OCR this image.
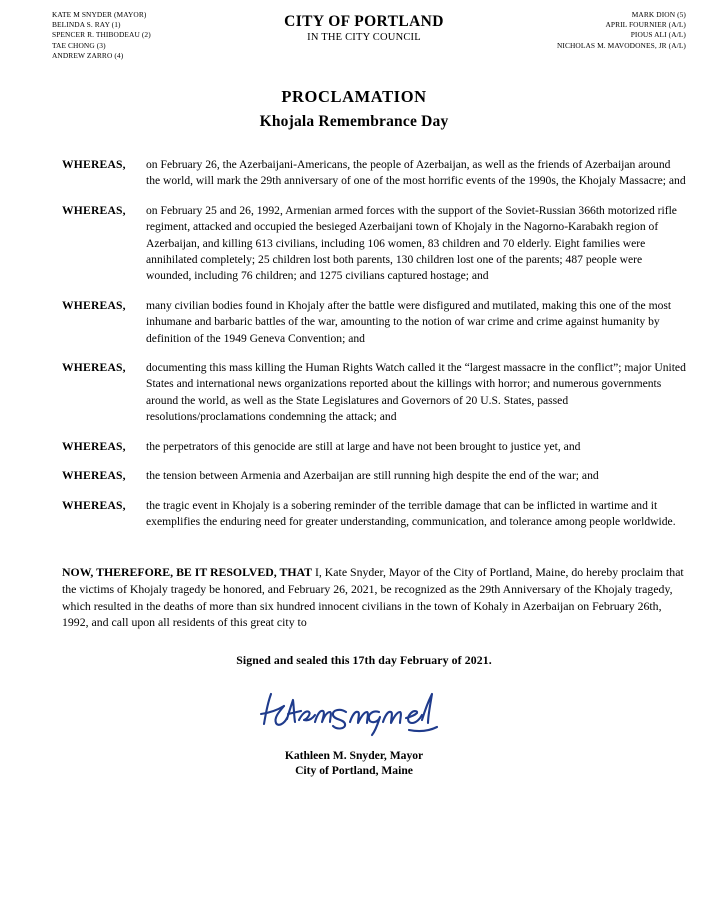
KATE M SNYDER (MAYOR)
BELINDA S. RAY (1)
SPENCER R. THIBODEAU (2)
TAE CHONG (3)
ANDREW ZARRO (4)
CITY OF PORTLAND
IN THE CITY COUNCIL
MARK DION (5)
APRIL FOURNIER (A/L)
PIOUS ALI (A/L)
NICHOLAS M. MAVODONES, JR (A/L)
PROCLAMATION
Khojala Remembrance Day
WHEREAS,	on February 26, the Azerbaijani-Americans, the people of Azerbaijan, as well as the friends of Azerbaijan around the world, will mark the 29th anniversary of one of the most horrific events of the 1990s, the Khojaly Massacre; and
WHEREAS,	on February 25 and 26, 1992, Armenian armed forces with the support of the Soviet-Russian 366th motorized rifle regiment, attacked and occupied the besieged Azerbaijani town of Khojaly in the Nagorno-Karabakh region of Azerbaijan, and killing 613 civilians, including 106 women, 83 children and 70 elderly. Eight families were annihilated completely; 25 children lost both parents, 130 children lost one of the parents; 487 people were wounded, including 76 children; and 1275 civilians captured hostage; and
WHEREAS,	many civilian bodies found in Khojaly after the battle were disfigured and mutilated, making this one of the most inhumane and barbaric battles of the war, amounting to the notion of war crime and crime against humanity by definition of the 1949 Geneva Convention; and
WHEREAS,	documenting this mass killing the Human Rights Watch called it the “largest massacre in the conflict”; major United States and international news organizations reported about the killings with horror; and numerous governments around the world, as well as the State Legislatures and Governors of 20 U.S. States, passed resolutions/proclamations condemning the attack; and
WHEREAS,	the perpetrators of this genocide are still at large and have not been brought to justice yet, and
WHEREAS,	the tension between Armenia and Azerbaijan are still running high despite the end of the war; and
WHEREAS,	the tragic event in Khojaly is a sobering reminder of the terrible damage that can be inflicted in wartime and it exemplifies the enduring need for greater understanding, communication, and tolerance among people worldwide.
NOW, THEREFORE, BE IT RESOLVED, THAT I, Kate Snyder, Mayor of the City of Portland, Maine, do hereby proclaim that the victims of Khojaly tragedy be honored, and February 26, 2021, be recognized as the 29th Anniversary of the Khojaly tragedy, which resulted in the deaths of more than six hundred innocent civilians in the town of Kohaly in Azerbaijan on February 26th, 1992, and call upon all residents of this great city to
Signed and sealed this 17th day February of 2021.
Kathleen M. Snyder, Mayor
City of Portland, Maine
